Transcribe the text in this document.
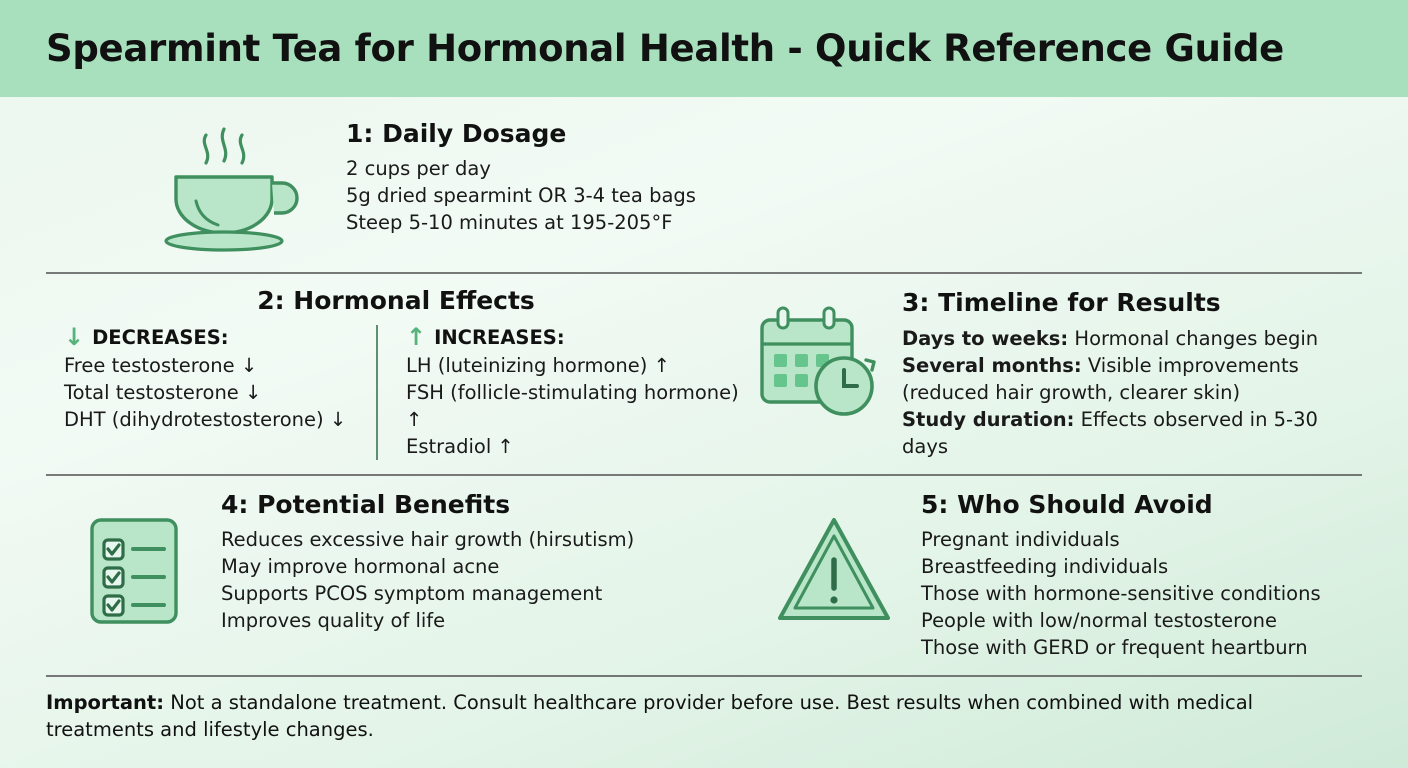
Spearmint Tea for Hormonal Health - Quick Reference Guide
1: Daily Dosage
2 cups per day
5g dried spearmint OR 3-4 tea bags
Steep 5-10 minutes at 195-205°F
2: Hormonal Effects
↓ DECREASES:
Free testosterone ↓
Total testosterone ↓
DHT (dihydrotestosterone) ↓
↑ INCREASES:
LH (luteinizing hormone) ↑
FSH (follicle-stimulating hormone) ↑
Estradiol ↑
3: Timeline for Results
Days to weeks: Hormonal changes begin
Several months: Visible improvements (reduced hair growth, clearer skin)
Study duration: Effects observed in 5-30 days
4: Potential Benefits
Reduces excessive hair growth (hirsutism)
May improve hormonal acne
Supports PCOS symptom management
Improves quality of life
5: Who Should Avoid
Pregnant individuals
Breastfeeding individuals
Those with hormone-sensitive conditions
People with low/normal testosterone
Those with GERD or frequent heartburn
Important: Not a standalone treatment. Consult healthcare provider before use. Best results when combined with medical treatments and lifestyle changes.
